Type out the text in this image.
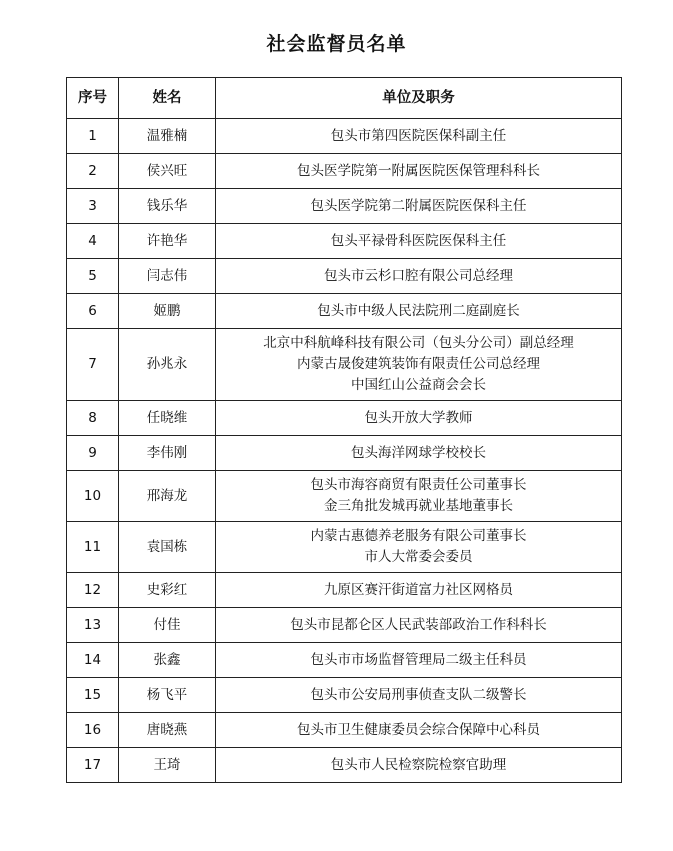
社会监督员名单
序号	姓名	单位及职务
1	温雅楠	包头市第四医院医保科副主任

2	侯兴旺	包头医学院第一附属医院医保管理科科长

3	钱乐华	包头医学院第二附属医院医保科主任

4	许艳华	包头平禄骨科医院医保科主任

5	闫志伟	包头市云杉口腔有限公司总经理

6	姬鹏	包头市中级人民法院刑二庭副庭长

7	孙兆永	北京中科航峰科技有限公司（包头分公司）副总经理
内蒙古晟俊建筑装饰有限责任公司总经理
中国红山公益商会会长

8	任晓维	包头开放大学教师

9	李伟刚	包头海洋网球学校校长

10	邢海龙	包头市海容商贸有限责任公司董事长
金三角批发城再就业基地董事长

11	袁国栋	内蒙古惠德养老服务有限公司董事长
市人大常委会委员

12	史彩红	九原区赛汗街道富力社区网格员

13	付佳	包头市昆都仑区人民武装部政治工作科科长

14	张鑫	包头市市场监督管理局二级主任科员

15	杨飞平	包头市公安局刑事侦查支队二级警长

16	唐晓燕	包头市卫生健康委员会综合保障中心科员

17	王琦	包头市人民检察院检察官助理
